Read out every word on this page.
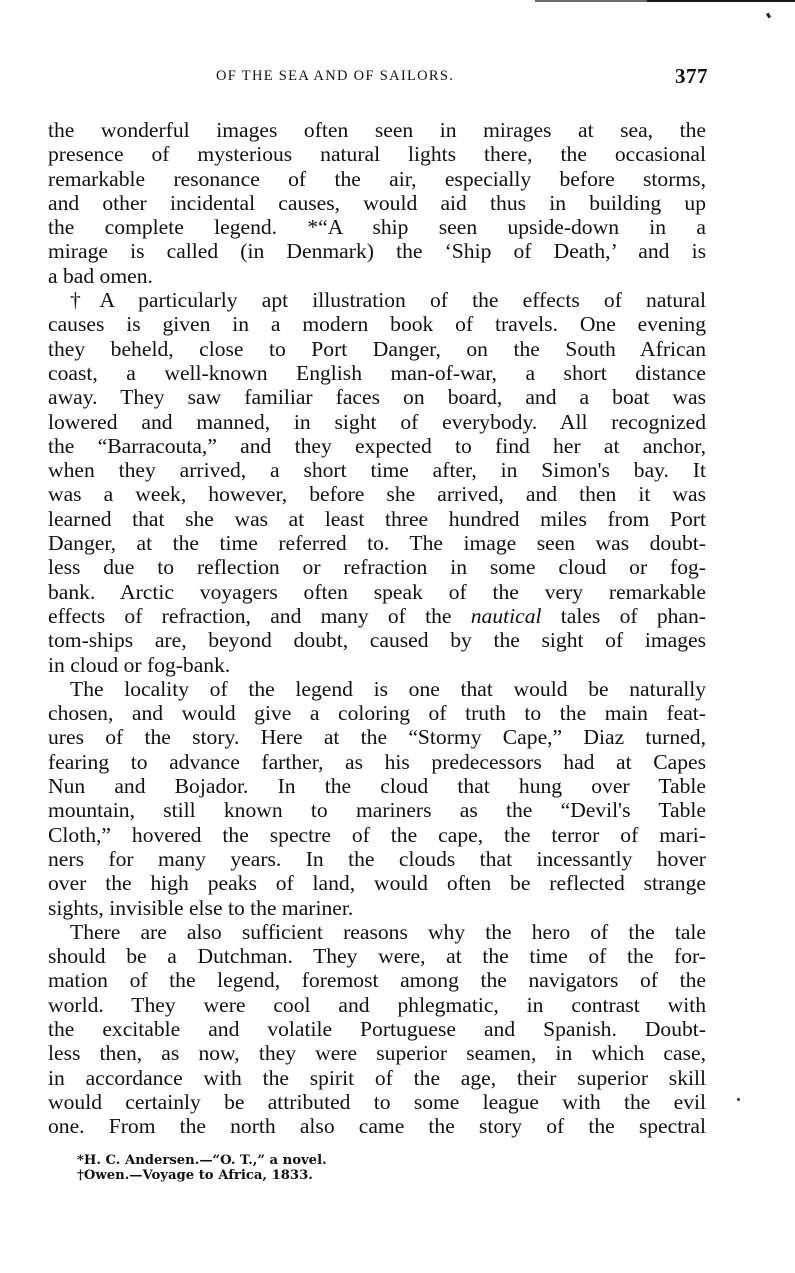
OF THE SEA AND OF SAILORS.	377
the wonderful images often seen in mirages at sea, the
presence of mysterious natural lights there, the occasional
remarkable resonance of the air, especially before storms,
and other incidental causes, would aid thus in building up
the complete legend. *“A ship seen upside-down in a
mirage is called (in Denmark) the ‘Ship of Death,’ and is
a bad omen.
†A particularly apt illustration of the effects of natural
causes is given in a modern book of travels. One evening
they beheld, close to Port Danger, on the South African
coast, a well-known English man-of-war, a short distance
away. They saw familiar faces on board, and a boat was
lowered and manned, in sight of everybody. All recognized
the “Barracouta,” and they expected to find her at anchor,
when they arrived, a short time after, in Simon's bay. It
was a week, however, before she arrived, and then it was
learned that she was at least three hundred miles from Port
Danger, at the time referred to. The image seen was doubt-
less due to reflection or refraction in some cloud or fog-
bank. Arctic voyagers often speak of the very remarkable
effects of refraction, and many of the nautical tales of phan-
tom-ships are, beyond doubt, caused by the sight of images
in cloud or fog-bank.
The locality of the legend is one that would be naturally
chosen, and would give a coloring of truth to the main feat-
ures of the story. Here at the “Stormy Cape,” Diaz turned,
fearing to advance farther, as his predecessors had at Capes
Nun and Bojador. In the cloud that hung over Table
mountain, still known to mariners as the “Devil's Table
Cloth,” hovered the spectre of the cape, the terror of mari-
ners for many years. In the clouds that incessantly hover
over the high peaks of land, would often be reflected strange
sights, invisible else to the mariner.
There are also sufficient reasons why the hero of the tale
should be a Dutchman. They were, at the time of the for-
mation of the legend, foremost among the navigators of the
world. They were cool and phlegmatic, in contrast with
the excitable and volatile Portuguese and Spanish. Doubt-
less then, as now, they were superior seamen, in which case,
in accordance with the spirit of the age, their superior skill
would certainly be attributed to some league with the evil
one. From the north also came the story of the spectral
*H. C. Andersen.—“O. T.,” a novel.
†Owen.—Voyage to Africa, 1833.
